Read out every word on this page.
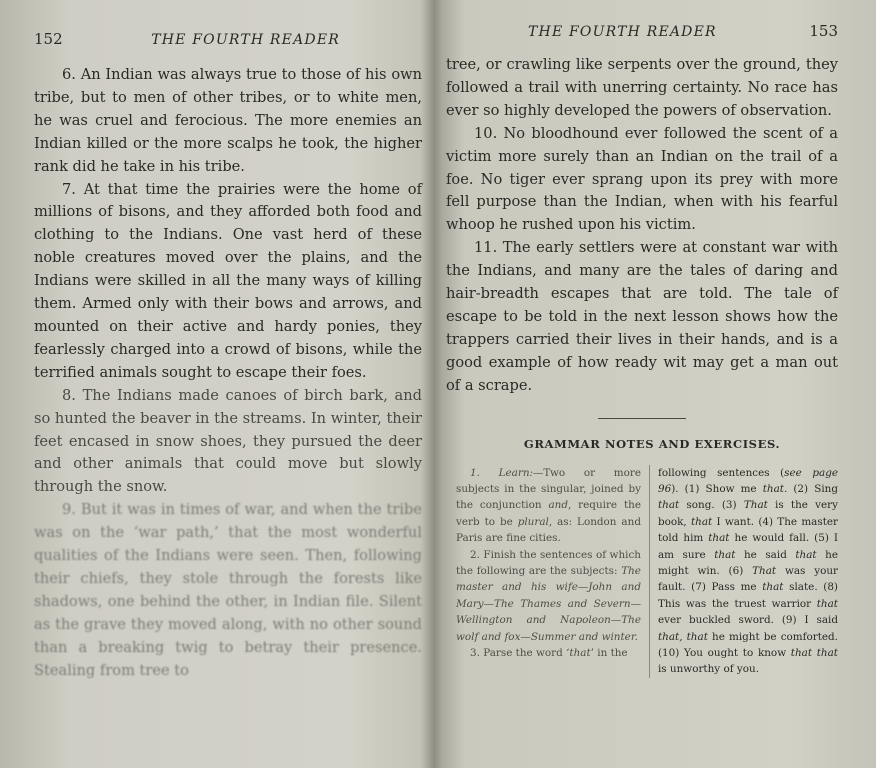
152	THE FOURTH READER

6. An Indian was always true to those of his own tribe, but to men of other tribes, or to white men, he was cruel and ferocious. The more enemies an Indian killed or the more scalps he took, the higher rank did he take in his tribe.

7. At that time the prairies were the home of millions of bisons, and they afforded both food and clothing to the Indians. One vast herd of these noble creatures moved over the plains, and the Indians were skilled in all the many ways of killing them. Armed only with their bows and arrows, and mounted on their active and hardy ponies, they fearlessly charged into a crowd of bisons, while the terrified animals sought to escape their foes.

8. The Indians made canoes of birch bark, and so hunted the beaver in the streams. In winter, their feet encased in snow shoes, they pursued the deer and other animals that could move but slowly through the snow.

9. But it was in times of war, and when the tribe was on the ‘war path,’ that the most wonderful qualities of the Indians were seen. Then, following their chiefs, they stole through the forests like shadows, one behind the other, in Indian file. Silent as the grave they moved along, with no other sound than a breaking twig to betray their presence. Stealing from tree to

THE FOURTH READER	153

tree, or crawling like serpents over the ground, they followed a trail with unerring certainty. No race has ever so highly developed the powers of observation.

10. No bloodhound ever followed the scent of a victim more surely than an Indian on the trail of a foe. No tiger ever sprang upon its prey with more fell purpose than the Indian, when with his fearful whoop he rushed upon his victim.

11. The early settlers were at constant war with the Indians, and many are the tales of daring and hair-breadth escapes that are told. The tale of escape to be told in the next lesson shows how the trappers carried their lives in their hands, and is a good example of how ready wit may get a man out of a scrape.

GRAMMAR NOTES AND EXERCISES.

1. Learn:—Two or more subjects in the singular, joined by the conjunction and, require the verb to be plural, as: London and Paris are fine cities.

2. Finish the sentences of which the following are the subjects: The master and his wife—John and Mary—The Thames and Severn—Wellington and Napoleon—The wolf and fox—Summer and winter.

3. Parse the word ‘that’ in the

following sentences (see page 96). (1) Show me that. (2) Sing that song. (3) That is the very book, that I want. (4) The master told him that he would fall. (5) I am sure that he said that he might win. (6) That was your fault. (7) Pass me that slate. (8) This was the truest warrior that ever buckled sword. (9) I said that, that he might be comforted. (10) You ought to know that that is unworthy of you.
